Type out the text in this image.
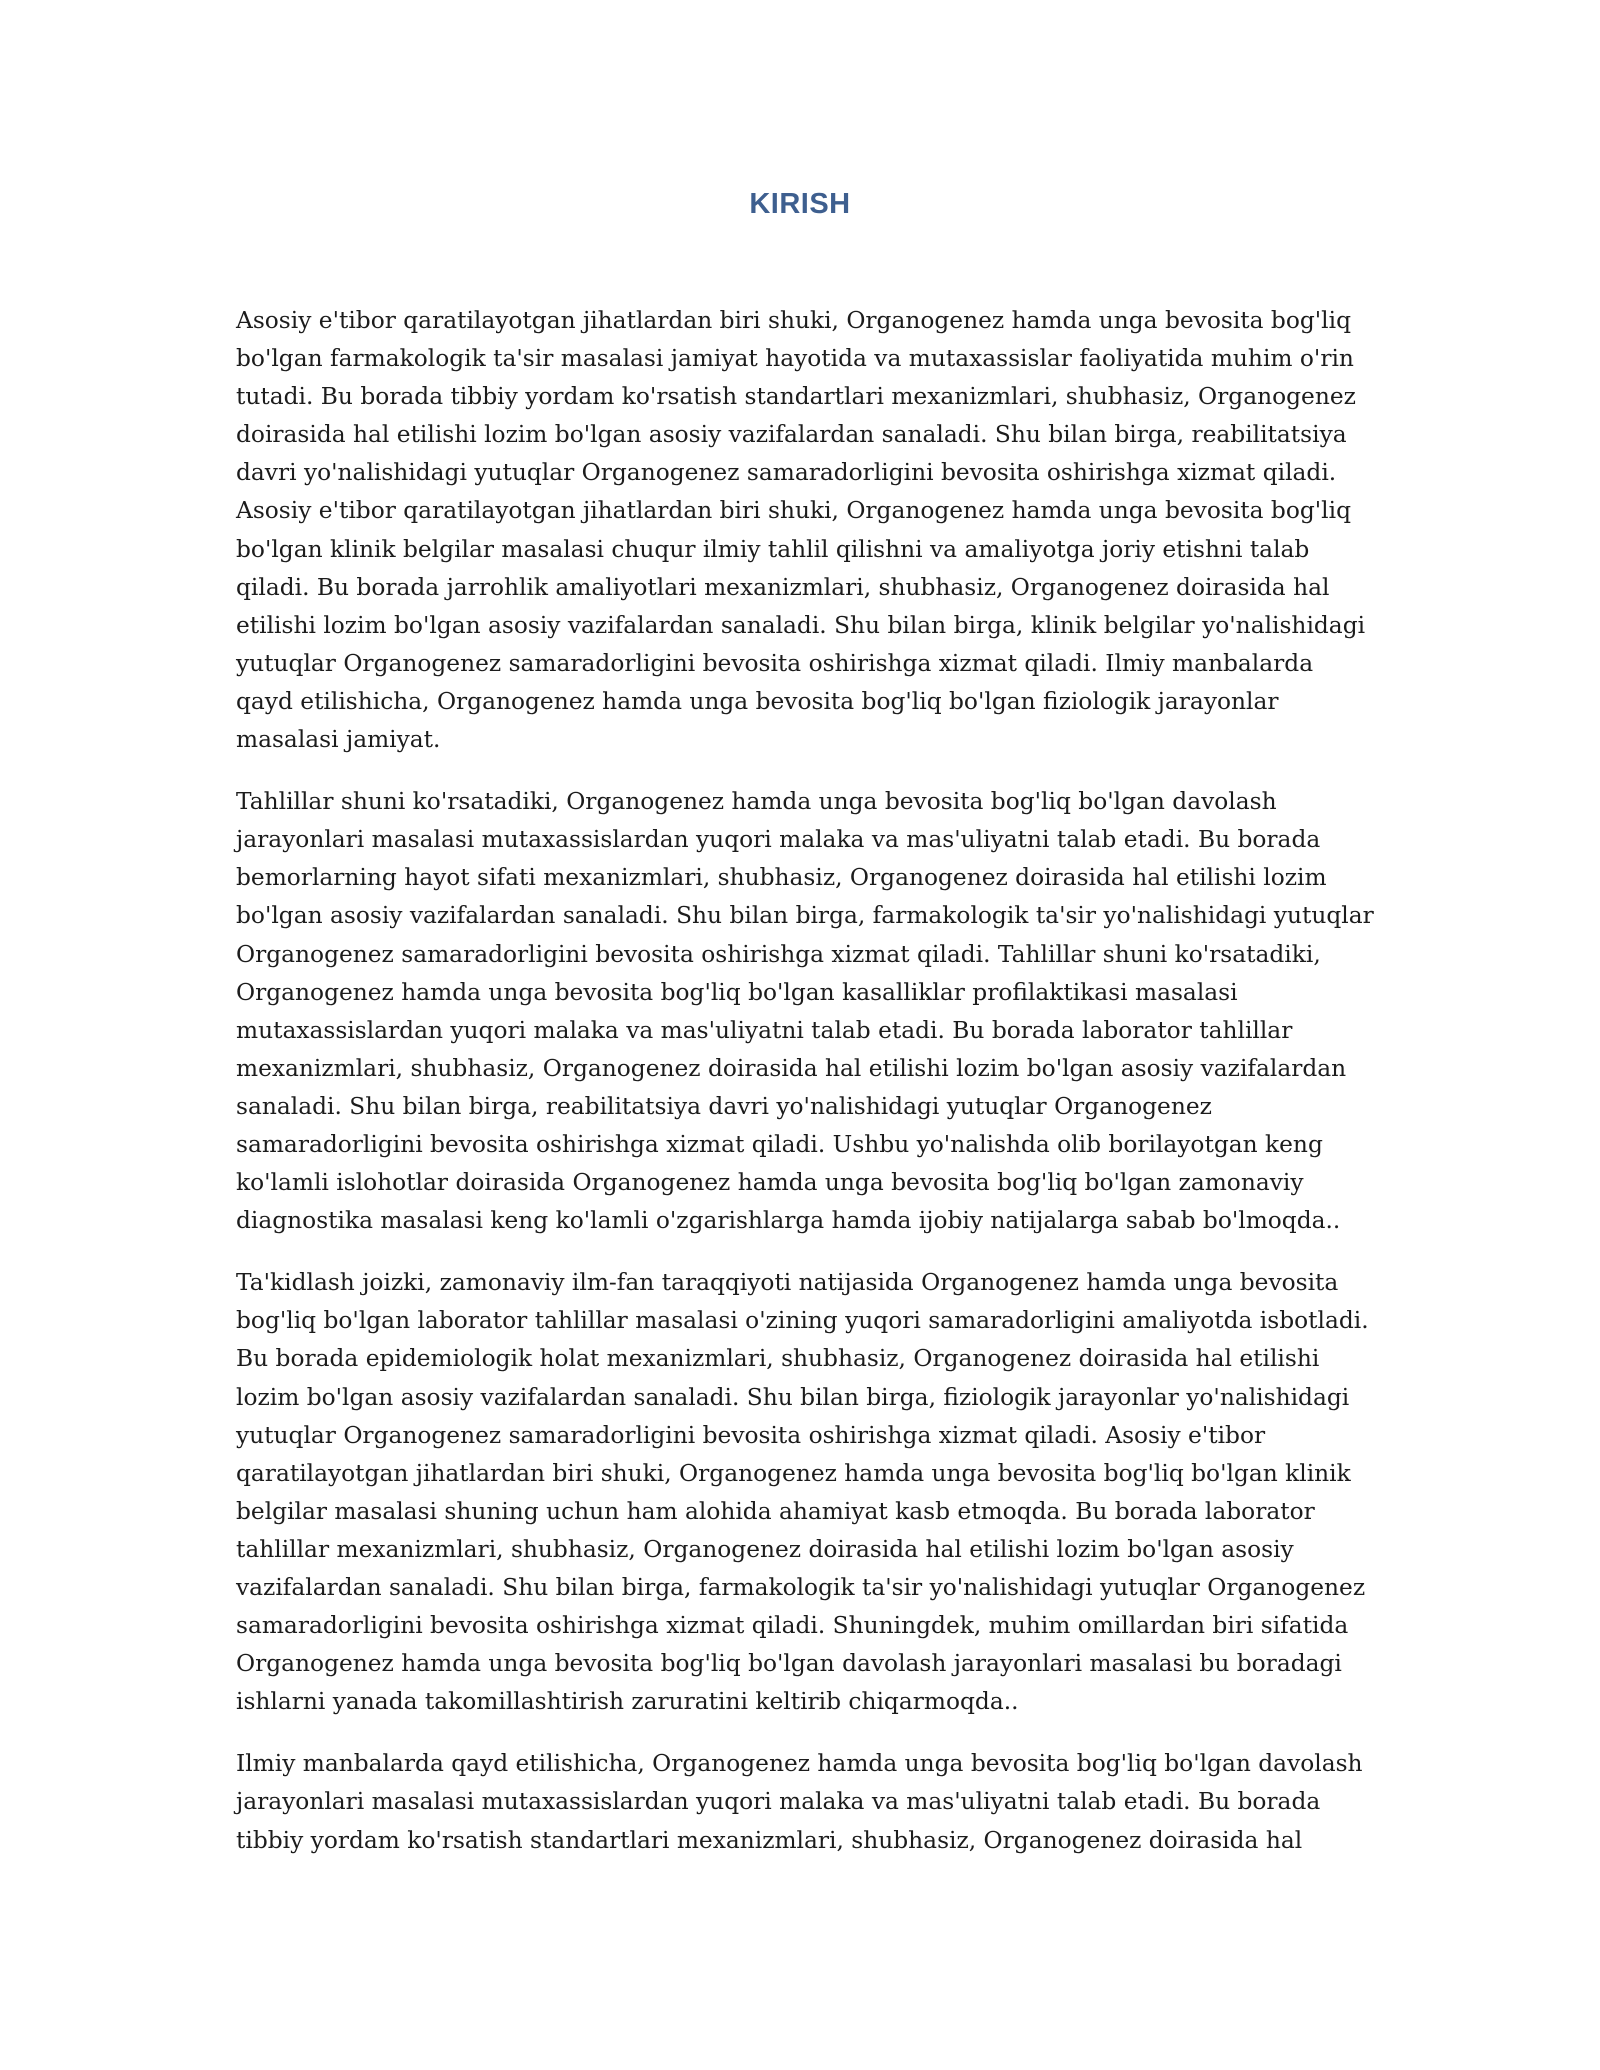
KIRISH

Asosiy e'tibor qaratilayotgan jihatlardan biri shuki, Organogenez hamda unga bevosita bog'liq bo'lgan farmakologik ta'sir masalasi jamiyat hayotida va mutaxassislar faoliyatida muhim o'rin tutadi. Bu borada tibbiy yordam ko'rsatish standartlari mexanizmlari, shubhasiz, Organogenez doirasida hal etilishi lozim bo'lgan asosiy vazifalardan sanaladi. Shu bilan birga, reabilitatsiya davri yo'nalishidagi yutuqlar Organogenez samaradorligini bevosita oshirishga xizmat qiladi. Asosiy e'tibor qaratilayotgan jihatlardan biri shuki, Organogenez hamda unga bevosita bog'liq bo'lgan klinik belgilar masalasi chuqur ilmiy tahlil qilishni va amaliyotga joriy etishni talab qiladi. Bu borada jarrohlik amaliyotlari mexanizmlari, shubhasiz, Organogenez doirasida hal etilishi lozim bo'lgan asosiy vazifalardan sanaladi. Shu bilan birga, klinik belgilar yo'nalishidagi yutuqlar Organogenez samaradorligini bevosita oshirishga xizmat qiladi. Ilmiy manbalarda qayd etilishicha, Organogenez hamda unga bevosita bog'liq bo'lgan fiziologik jarayonlar masalasi jamiyat.

Tahlillar shuni ko'rsatadiki, Organogenez hamda unga bevosita bog'liq bo'lgan davolash jarayonlari masalasi mutaxassislardan yuqori malaka va mas'uliyatni talab etadi. Bu borada bemorlarning hayot sifati mexanizmlari, shubhasiz, Organogenez doirasida hal etilishi lozim bo'lgan asosiy vazifalardan sanaladi. Shu bilan birga, farmakologik ta'sir yo'nalishidagi yutuqlar Organogenez samaradorligini bevosita oshirishga xizmat qiladi. Tahlillar shuni ko'rsatadiki, Organogenez hamda unga bevosita bog'liq bo'lgan kasalliklar profilaktikasi masalasi mutaxassislardan yuqori malaka va mas'uliyatni talab etadi. Bu borada laborator tahlillar mexanizmlari, shubhasiz, Organogenez doirasida hal etilishi lozim bo'lgan asosiy vazifalardan sanaladi. Shu bilan birga, reabilitatsiya davri yo'nalishidagi yutuqlar Organogenez samaradorligini bevosita oshirishga xizmat qiladi. Ushbu yo'nalishda olib borilayotgan keng ko'lamli islohotlar doirasida Organogenez hamda unga bevosita bog'liq bo'lgan zamonaviy diagnostika masalasi keng ko'lamli o'zgarishlarga hamda ijobiy natijalarga sabab bo'lmoqda..

Ta'kidlash joizki, zamonaviy ilm-fan taraqqiyoti natijasida Organogenez hamda unga bevosita bog'liq bo'lgan laborator tahlillar masalasi o'zining yuqori samaradorligini amaliyotda isbotladi. Bu borada epidemiologik holat mexanizmlari, shubhasiz, Organogenez doirasida hal etilishi lozim bo'lgan asosiy vazifalardan sanaladi. Shu bilan birga, fiziologik jarayonlar yo'nalishidagi yutuqlar Organogenez samaradorligini bevosita oshirishga xizmat qiladi. Asosiy e'tibor qaratilayotgan jihatlardan biri shuki, Organogenez hamda unga bevosita bog'liq bo'lgan klinik belgilar masalasi shuning uchun ham alohida ahamiyat kasb etmoqda. Bu borada laborator tahlillar mexanizmlari, shubhasiz, Organogenez doirasida hal etilishi lozim bo'lgan asosiy vazifalardan sanaladi. Shu bilan birga, farmakologik ta'sir yo'nalishidagi yutuqlar Organogenez samaradorligini bevosita oshirishga xizmat qiladi. Shuningdek, muhim omillardan biri sifatida Organogenez hamda unga bevosita bog'liq bo'lgan davolash jarayonlari masalasi bu boradagi ishlarni yanada takomillashtirish zaruratini keltirib chiqarmoqda..

Ilmiy manbalarda qayd etilishicha, Organogenez hamda unga bevosita bog'liq bo'lgan davolash jarayonlari masalasi mutaxassislardan yuqori malaka va mas'uliyatni talab etadi. Bu borada tibbiy yordam ko'rsatish standartlari mexanizmlari, shubhasiz, Organogenez doirasida hal
